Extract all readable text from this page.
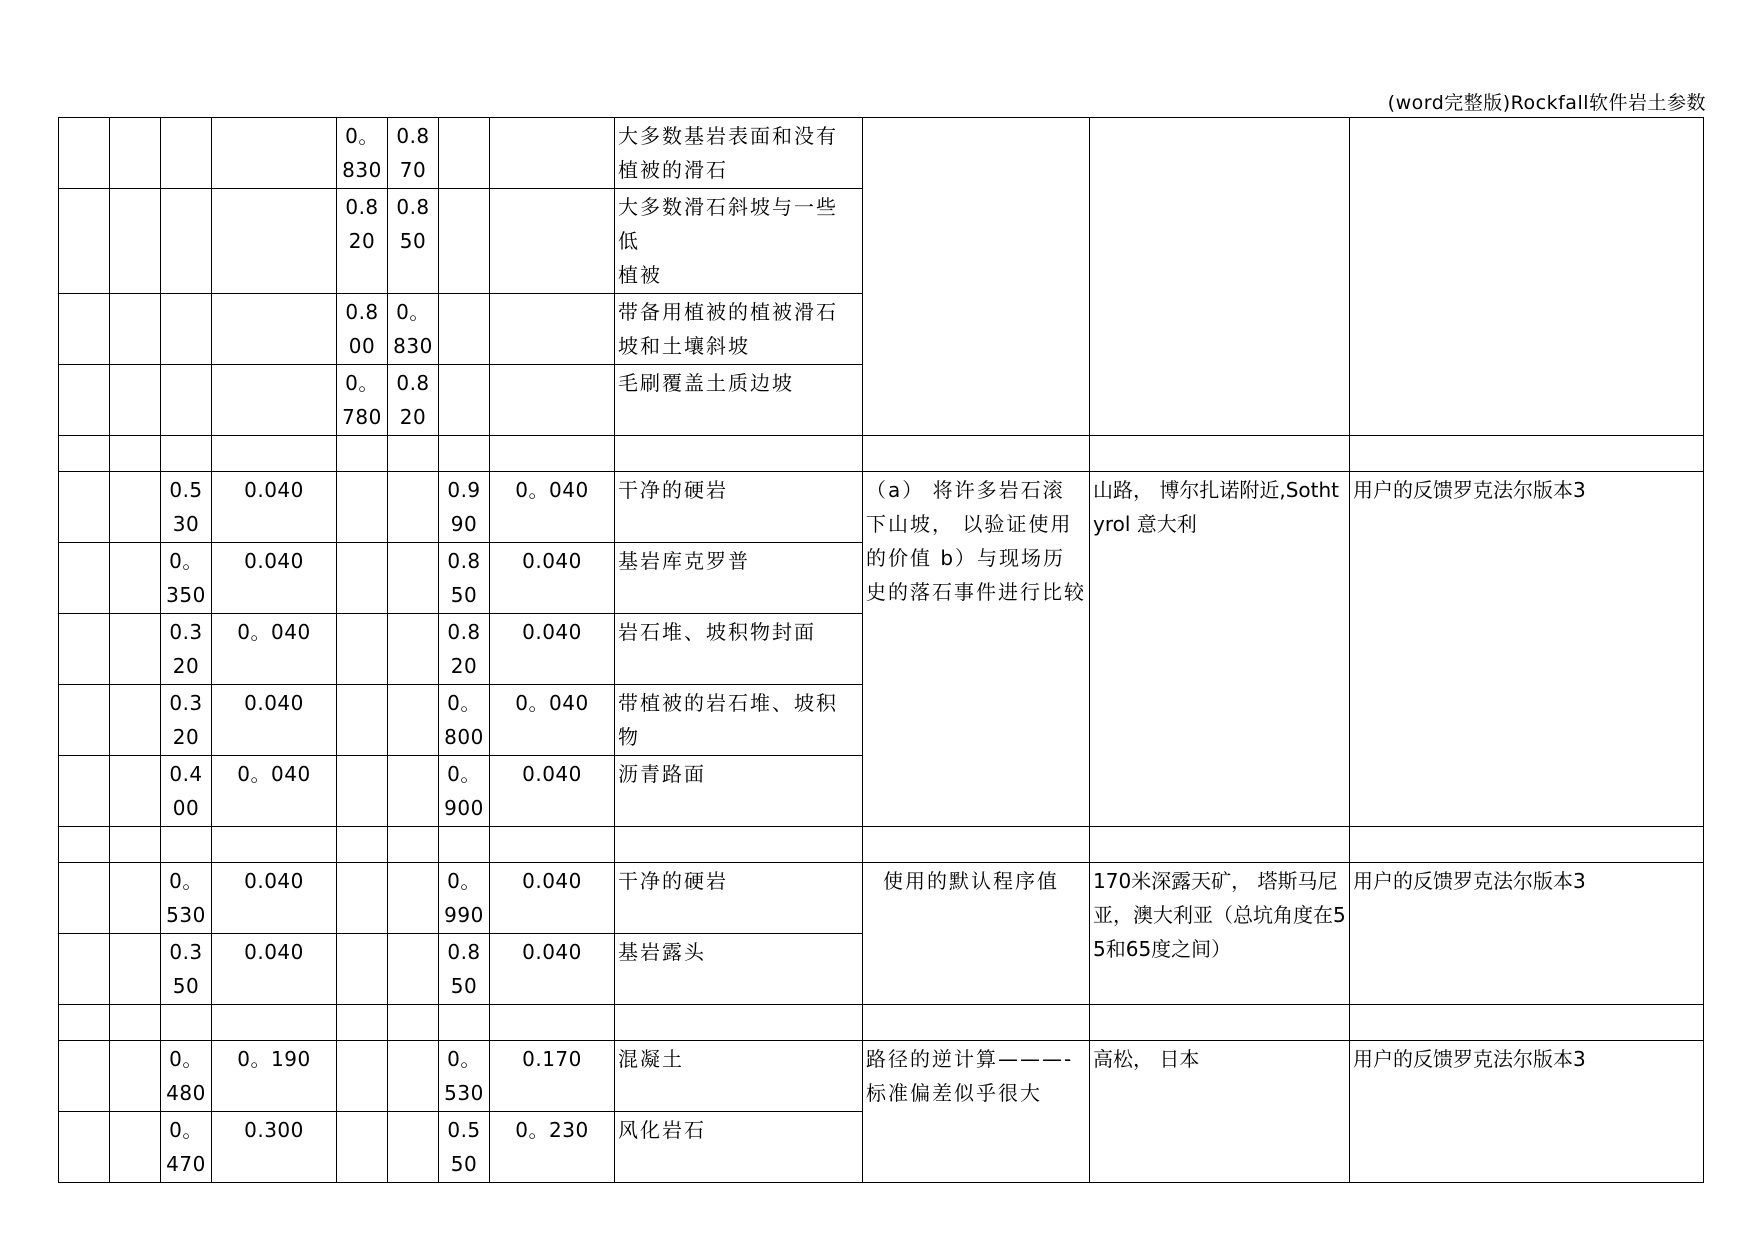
(word完整版)Rockfall软件岩土参数
				0。830	0.870			大多数基岩表面和没有植被的滑石			
				0.820	0.850			大多数滑石斜坡与一些低
植被			
				0.800	0。830			带备用植被的植被滑石坡和土壤斜坡			
				0。780	0.820			毛刷覆盖土质边坡			

		0.530	0.040			0.990	0。040	干净的硬岩	（a） 将许多岩石滚下山坡， 以验证使用的价值 b）与现场历史的落石事件进行比较	山路， 博尔扎诺附近,Sothtyrol 意大利	用户的反馈罗克法尔版本3
		0。350	0.040			0.850	0.040	基岩库克罗普			
		0.320	0。040			0.820	0.040	岩石堆、坡积物封面			
		0.320	0.040			0。800	0。040	带植被的岩石堆、坡积物			
		0.400	0。040			0。900	0.040	沥青路面			

		0。530	0.040			0。990	0.040	干净的硬岩	使用的默认程序值	170米深露天矿， 塔斯马尼亚，澳大利亚（总坑角度在55和65度之间）	用户的反馈罗克法尔版本3
		0.350	0.040			0.850	0.040	基岩露头			

		0。480	0。190			0。530	0.170	混凝土	路径的逆计算———-标准偏差似乎很大	高松， 日本	用户的反馈罗克法尔版本3
		0。470	0.300			0.550	0。230	风化岩石			
